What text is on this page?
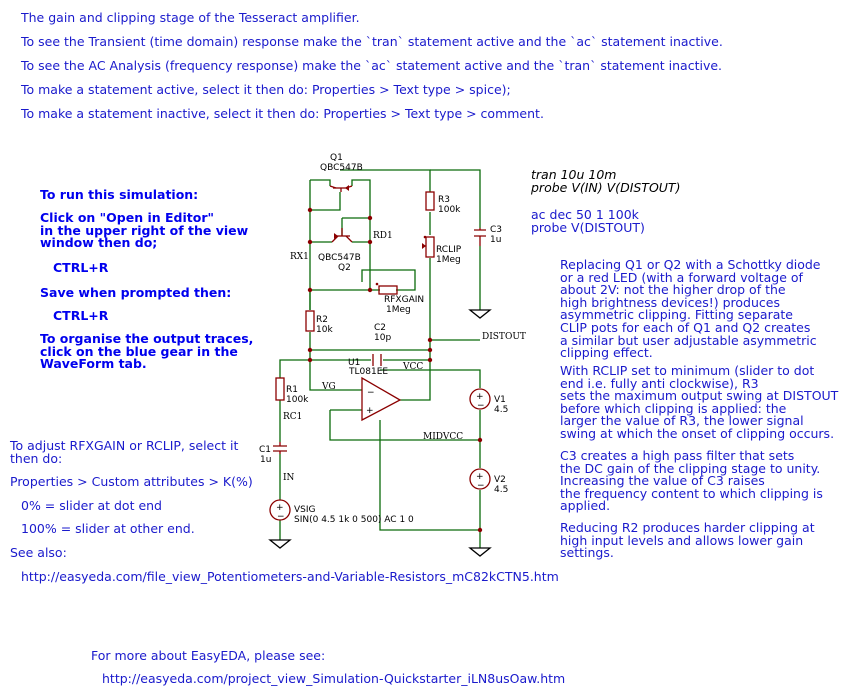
The gain and clipping stage of the Tesseract amplifier.
To see the Transient (time domain) response make the `tran` statement active and the `ac` statement inactive.
To see the AC Analysis (frequency response) make the `ac` statement active and the `tran` statement inactive.
To make a statement active, select it then do: Properties > Text type > spice);
To make a statement inactive, select it then do: Properties > Text type > comment.
To run this simulation:
Click on "Open in Editor"
in the upper right of the view
window then do;
CTRL+R
Save when prompted then:
CTRL+R
To organise the output traces,
click on the blue gear in the
WaveForm tab.
To adjust RFXGAIN or RCLIP, select it
then do:
Properties > Custom attributes > K(%)
0% = slider at dot end
100% = slider at other end.
See also:
http://easyeda.com/file_view_Potentiometers-and-Variable-Resistors_mC82kCTN5.htm
For more about EasyEDA, please see:
http://easyeda.com/project_view_Simulation-Quickstarter_iLN8usOaw.htm
tran 10u 10m
probe V(IN) V(DISTOUT)
ac dec 50 1 100k
probe V(DISTOUT)
Replacing Q1 or Q2 with a Schottky diode
or a red LED (with a forward voltage of
about 2V: not the higher drop of the
high brightness devices!) produces
asymmetric clipping. Fitting separate
CLIP pots for each of Q1 and Q2 creates
a similar but user adjustable asymmetric
clipping effect.
With RCLIP set to minimum (slider to dot
end i.e. fully anti clockwise), R3
sets the maximum output swing at DISTOUT
before which clipping is applied: the
larger the value of R3, the lower signal
swing at which the onset of clipping occurs.
C3 creates a high pass filter that sets
the DC gain of the clipping stage to unity.
Increasing the value of C3 raises
the frequency content to which clipping is
applied.
Reducing R2 produces harder clipping at
high input levels and allows lower gain
settings.
Q1
QBC547B
QBC547B
Q2
R3
100k
C3
1u
RCLIP
1Meg
RFXGAIN
1Meg
R2
10k	C2
10p
−
+
U1
TL081EE
R1
100k
C1
1u
+
−
V1
4.5
+
−
V2
4.5
+
−
VSIG
SIN(0 4.5 1k 0 500) AC 1 0
RD1
RX1
DISTOUT
VCC
VG
RC1
MIDVCC
IN
